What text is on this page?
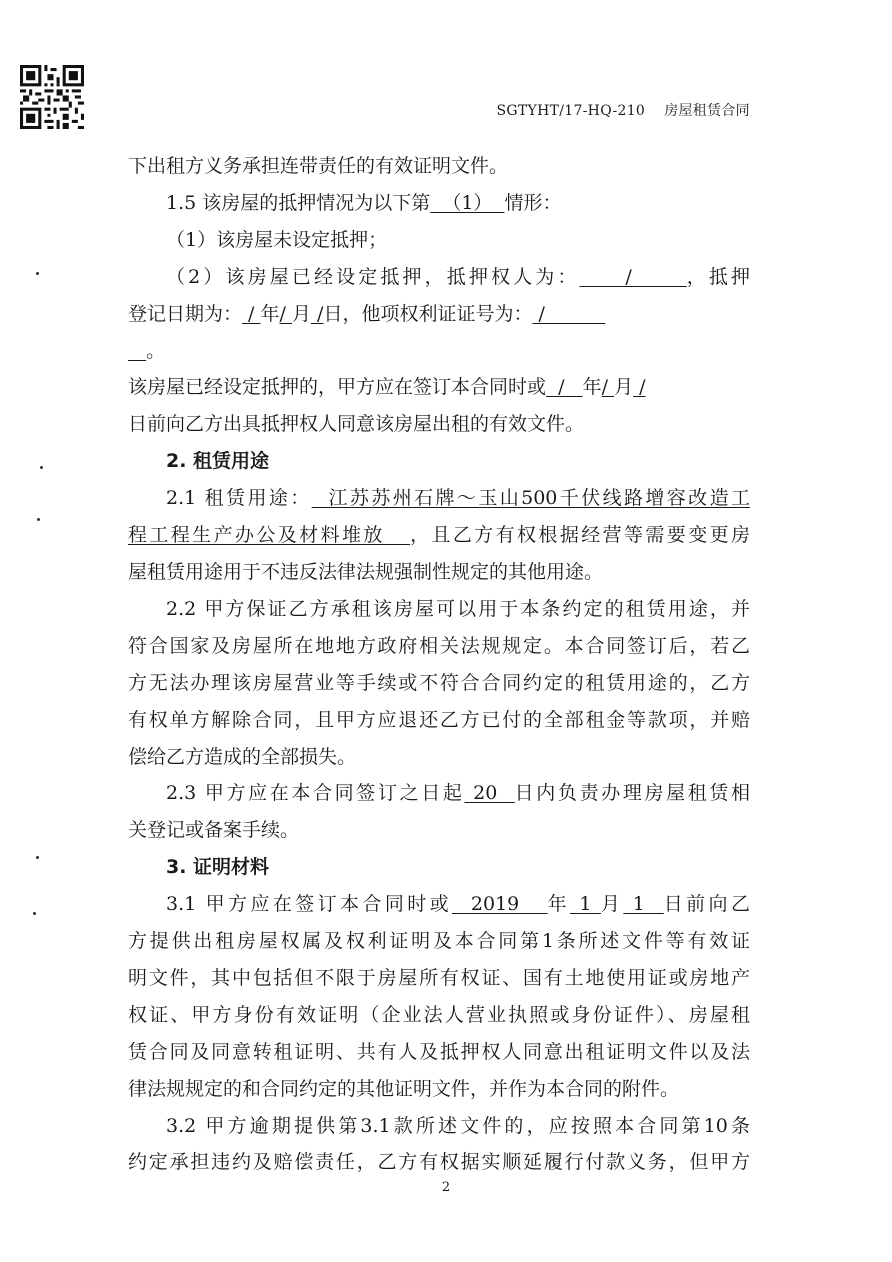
SGTYHT/17-HQ-210 房屋租赁合同
下出租方义务承担连带责任的有效证明文件。
1.5 该房屋的抵押情况为以下第  （1）  情形：
（1）该房屋未设定抵押；
（2）该房屋已经设定抵押，抵押权人为：     /      ，抵押
登记日期为： / 年/ 月 /日，他项权利证证号为： /
。
该房屋已经设定抵押的，甲方应在签订本合同时或  /   年/ 月 /
日前向乙方出具抵押权人同意该房屋出租的有效文件。
2. 租赁用途
2.1 租赁用途：  江苏苏州石牌～玉山500千伏线路增容改造工
程工程生产办公及材料堆放   ，且乙方有权根据经营等需要变更房
屋租赁用途用于不违反法律法规强制性规定的其他用途。
2.2 甲方保证乙方承租该房屋可以用于本条约定的租赁用途，并
符合国家及房屋所在地地方政府相关法规规定。本合同签订后，若乙
方无法办理该房屋营业等手续或不符合合同约定的租赁用途的，乙方
有权单方解除合同，且甲方应退还乙方已付的全部租金等款项，并赔
偿给乙方造成的全部损失。
2.3 甲方应在本合同签订之日起 20  日内负责办理房屋租赁相
关登记或备案手续。
3. 证明材料
3.1 甲方应在签订本合同时或  2019   年 1 月 1  日前向乙
方提供出租房屋权属及权利证明及本合同第1条所述文件等有效证
明文件，其中包括但不限于房屋所有权证、国有土地使用证或房地产
权证、甲方身份有效证明（企业法人营业执照或身份证件）、房屋租
赁合同及同意转租证明、共有人及抵押权人同意出租证明文件以及法
律法规规定的和合同约定的其他证明文件，并作为本合同的附件。
3.2 甲方逾期提供第3.1款所述文件的，应按照本合同第10条
约定承担违约及赔偿责任，乙方有权据实顺延履行付款义务，但甲方
2
